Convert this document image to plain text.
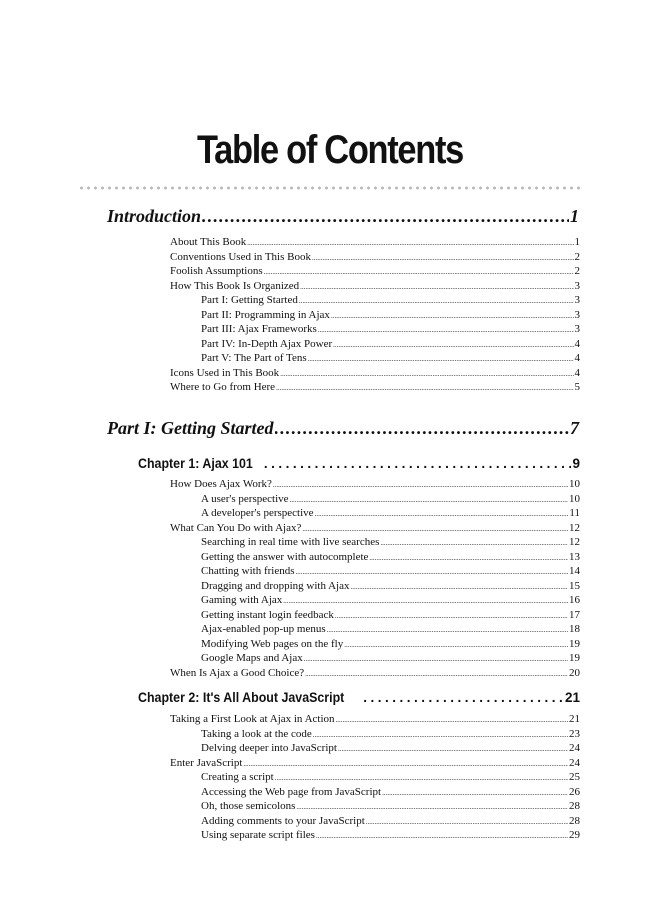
Table of Contents
Introduction .....	1
About This Book .....	1
Conventions Used in This Book .....	2
Foolish Assumptions .....	2
How This Book Is Organized .....	3
Part I: Getting Started .....	3
Part II: Programming in Ajax .....	3
Part III: Ajax Frameworks .....	3
Part IV: In-Depth Ajax Power .....	4
Part V: The Part of Tens .....	4
Icons Used in This Book .....	4
Where to Go from Here .....	5
Part I: Getting Started .....	7
Chapter 1: Ajax 101 .....	9
How Does Ajax Work? .....	10
A user's perspective .....	10
A developer's perspective .....	11
What Can You Do with Ajax? .....	12
Searching in real time with live searches .....	12
Getting the answer with autocomplete .....	13
Chatting with friends .....	14
Dragging and dropping with Ajax .....	15
Gaming with Ajax .....	16
Getting instant login feedback .....	17
Ajax-enabled pop-up menus .....	18
Modifying Web pages on the fly .....	19
Google Maps and Ajax .....	19
When Is Ajax a Good Choice? .....	20
Chapter 2: It's All About JavaScript .....	21
Taking a First Look at Ajax in Action .....	21
Taking a look at the code .....	23
Delving deeper into JavaScript .....	24
Enter JavaScript .....	24
Creating a script .....	25
Accessing the Web page from JavaScript .....	26
Oh, those semicolons .....	28
Adding comments to your JavaScript .....	28
Using separate script files .....	29
